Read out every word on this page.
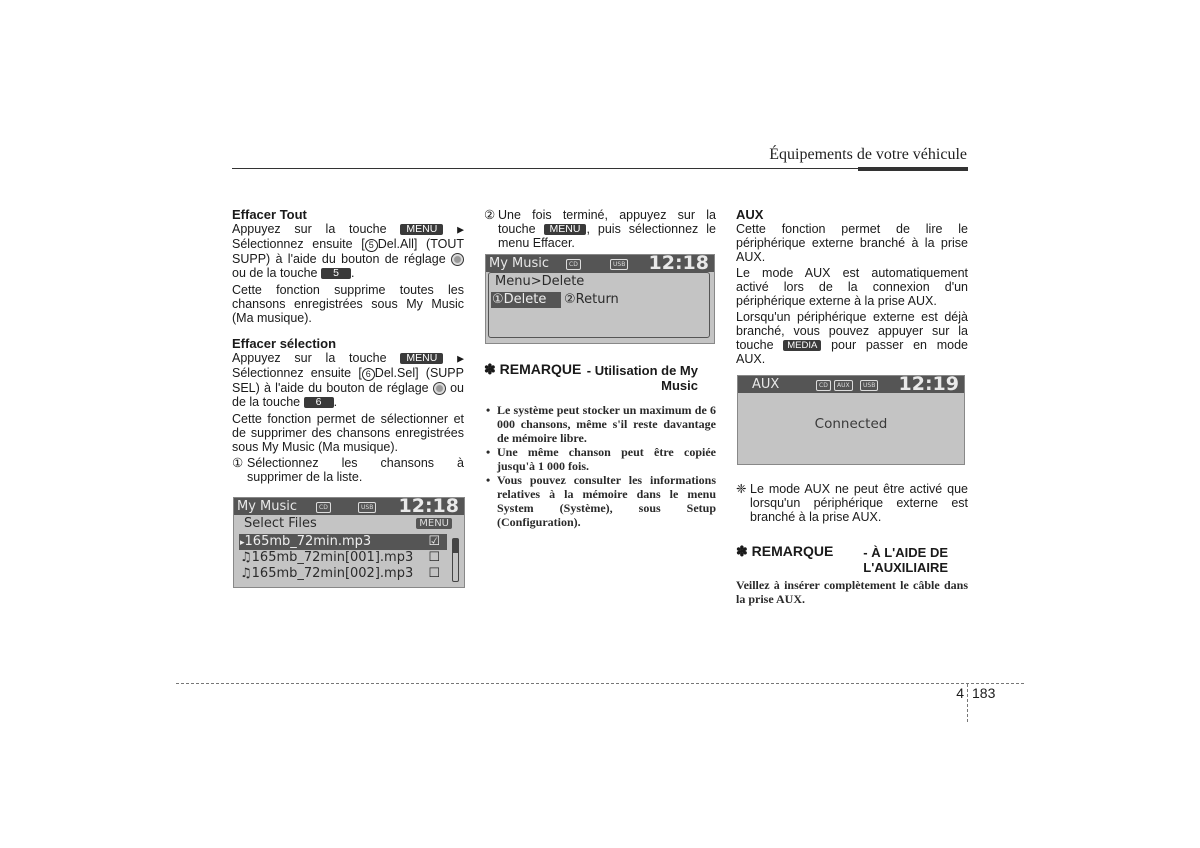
Équipements de votre véhicule

Effacer Tout

Appuyez sur la touche MENU ▶ Sélectionnez ensuite [ 5 Del.All] (TOUT SUPP) à l'aide du bouton de réglage  ou de la touche 5 .

Cette fonction supprime toutes les chansons enregistrées sous My Music (Ma musique).

Effacer sélection

Appuyez sur la touche MENU ▶ Sélectionnez ensuite [ 6 Del.Sel] (SUPP SEL) à l'aide du bouton de réglage ou de la touche 6 .

Cette fonction permet de sélectionner et de supprimer des chansons enregistrées sous My Music (Ma musique).

① Sélectionnez les chansons à supprimer de la liste.
My Music	CD	USB 12:18
Select Files	MENU
▸165mb_72min.mp3	☑
♫165mb_72min[001].mp3 ☐
♫165mb_72min[002].mp3 ☐
② Une fois terminé, appuyez sur la touche MENU , puis sélectionnez le menu Effacer.
My Music	CD	USB 12:18
Menu>Delete
①Delete ②Return
✽ REMARQUE - Utilisation de My Music
• Le système peut stocker un maximum de 6 000 chansons, même s'il reste davantage de mémoire libre.
• Une même chanson peut être copiée jusqu'à 1 000 fois.
• Vous pouvez consulter les informations relatives à la mémoire dans le menu System (Système), sous Setup (Configuration).

AUX

Cette fonction permet de lire le périphérique externe branché à la prise AUX.

Le mode AUX est automatiquement activé lors de la connexion d'un périphérique externe à la prise AUX.

Lorsqu'un périphérique externe est déjà branché, vous pouvez appuyer sur la touche MEDIA pour passer en mode AUX.

AUX	CD	AUX	USB 12:19
Connected
❈ Le mode AUX ne peut être activé que lorsqu'un périphérique externe est branché à la prise AUX.
✽ REMARQUE	- À L'AIDE DE L'AUXILIAIRE

Veillez à insérer complètement le câble dans la prise AUX.

4 183
